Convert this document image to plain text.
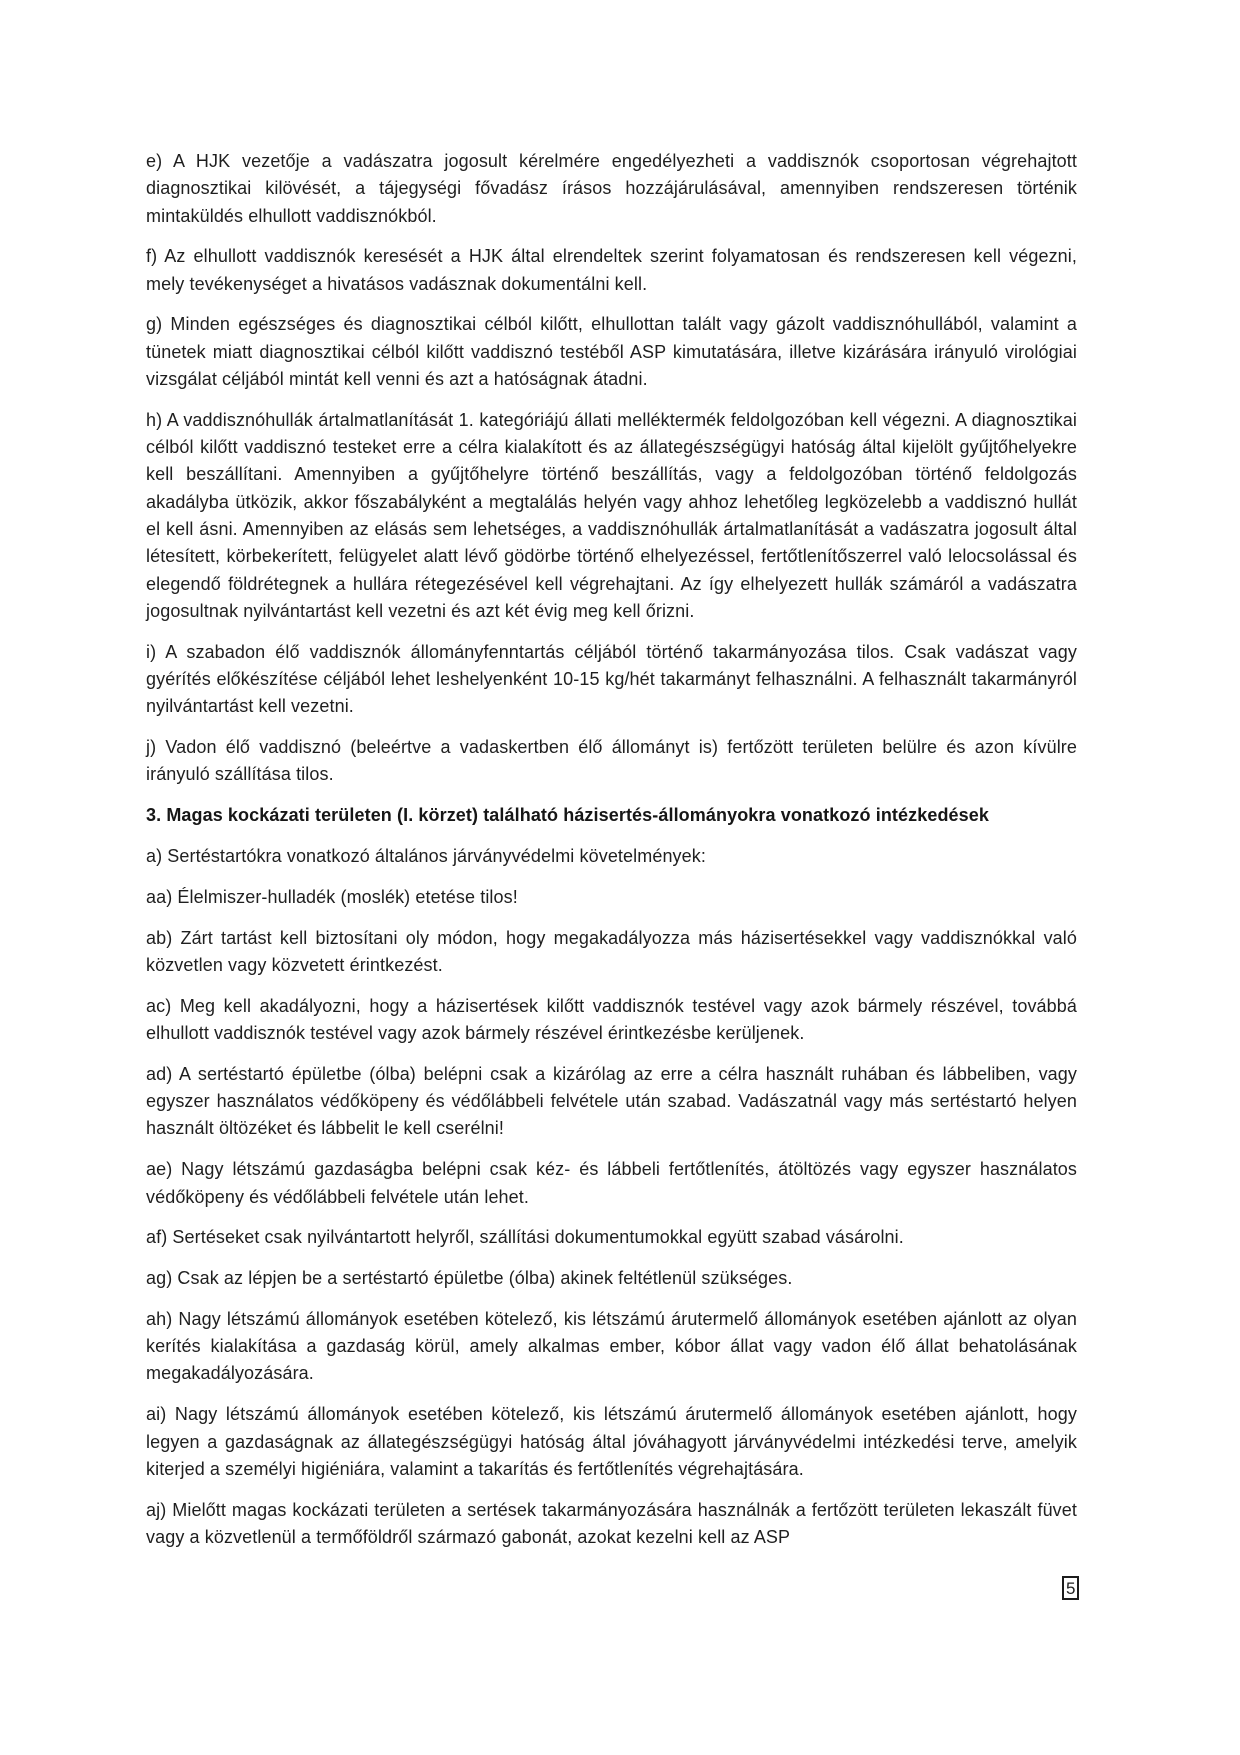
e) A HJK vezetője a vadászatra jogosult kérelmére engedélyezheti a vaddisznók csoportosan végrehajtott diagnosztikai kilövését, a tájegységi fővadász írásos hozzájárulásával, amennyiben rendszeresen történik mintaküldés elhullott vaddisznókból.

f) Az elhullott vaddisznók keresését a HJK által elrendeltek szerint folyamatosan és rendszeresen kell végezni, mely tevékenységet a hivatásos vadásznak dokumentálni kell.

g) Minden egészséges és diagnosztikai célból kilőtt, elhullottan talált vagy gázolt vaddisznóhullából, valamint a tünetek miatt diagnosztikai célból kilőtt vaddisznó testéből ASP kimutatására, illetve kizárására irányuló virológiai vizsgálat céljából mintát kell venni és azt a hatóságnak átadni.

h) A vaddisznóhullák ártalmatlanítását 1. kategóriájú állati melléktermék feldolgozóban kell végezni. A diagnosztikai célból kilőtt vaddisznó testeket erre a célra kialakított és az állategészségügyi hatóság által kijelölt gyűjtőhelyekre kell beszállítani. Amennyiben a gyűjtőhelyre történő beszállítás, vagy a feldolgozóban történő feldolgozás akadályba ütközik, akkor főszabályként a megtalálás helyén vagy ahhoz lehetőleg legközelebb a vaddisznó hullát el kell ásni. Amennyiben az elásás sem lehetséges, a vaddisznóhullák ártalmatlanítását a vadászatra jogosult által létesített, körbekerített, felügyelet alatt lévő gödörbe történő elhelyezéssel, fertőtlenítőszerrel való lelocsolással és elegendő földrétegnek a hullára rétegezésével kell végrehajtani. Az így elhelyezett hullák számáról a vadászatra jogosultnak nyilvántartást kell vezetni és azt két évig meg kell őrizni.

i) A szabadon élő vaddisznók állományfenntartás céljából történő takarmányozása tilos. Csak vadászat vagy gyérítés előkészítése céljából lehet leshelyenként 10-15 kg/hét takarmányt felhasználni. A felhasznált takarmányról nyilvántartást kell vezetni.

j) Vadon élő vaddisznó (beleértve a vadaskertben élő állományt is) fertőzött területen belülre és azon kívülre irányuló szállítása tilos.

3. Magas kockázati területen (I. körzet) található házisertés-állományokra vonatkozó intézkedések

a) Sertéstartókra vonatkozó általános járványvédelmi követelmények:

aa) Élelmiszer-hulladék (moslék) etetése tilos!

ab) Zárt tartást kell biztosítani oly módon, hogy megakadályozza más házisertésekkel vagy vaddisznókkal való közvetlen vagy közvetett érintkezést.

ac) Meg kell akadályozni, hogy a házisertések kilőtt vaddisznók testével vagy azok bármely részével, továbbá elhullott vaddisznók testével vagy azok bármely részével érintkezésbe kerüljenek.

ad) A sertéstartó épületbe (ólba) belépni csak a kizárólag az erre a célra használt ruhában és lábbeliben, vagy egyszer használatos védőköpeny és védőlábbeli felvétele után szabad. Vadászatnál vagy más sertéstartó helyen használt öltözéket és lábbelit le kell cserélni!

ae) Nagy létszámú gazdaságba belépni csak kéz- és lábbeli fertőtlenítés, átöltözés vagy egyszer használatos védőköpeny és védőlábbeli felvétele után lehet.

af) Sertéseket csak nyilvántartott helyről, szállítási dokumentumokkal együtt szabad vásárolni.

ag) Csak az lépjen be a sertéstartó épületbe (ólba) akinek feltétlenül szükséges.

ah) Nagy létszámú állományok esetében kötelező, kis létszámú árutermelő állományok esetében ajánlott az olyan kerítés kialakítása a gazdaság körül, amely alkalmas ember, kóbor állat vagy vadon élő állat behatolásának megakadályozására.

ai) Nagy létszámú állományok esetében kötelező, kis létszámú árutermelő állományok esetében ajánlott, hogy legyen a gazdaságnak az állategészségügyi hatóság által jóváhagyott járványvédelmi intézkedési terve, amelyik kiterjed a személyi higiéniára, valamint a takarítás és fertőtlenítés végrehajtására.

aj) Mielőtt magas kockázati területen a sertések takarmányozására használnák a fertőzött területen lekaszált füvet vagy a közvetlenül a termőföldről származó gabonát, azokat kezelni kell az ASP

5
